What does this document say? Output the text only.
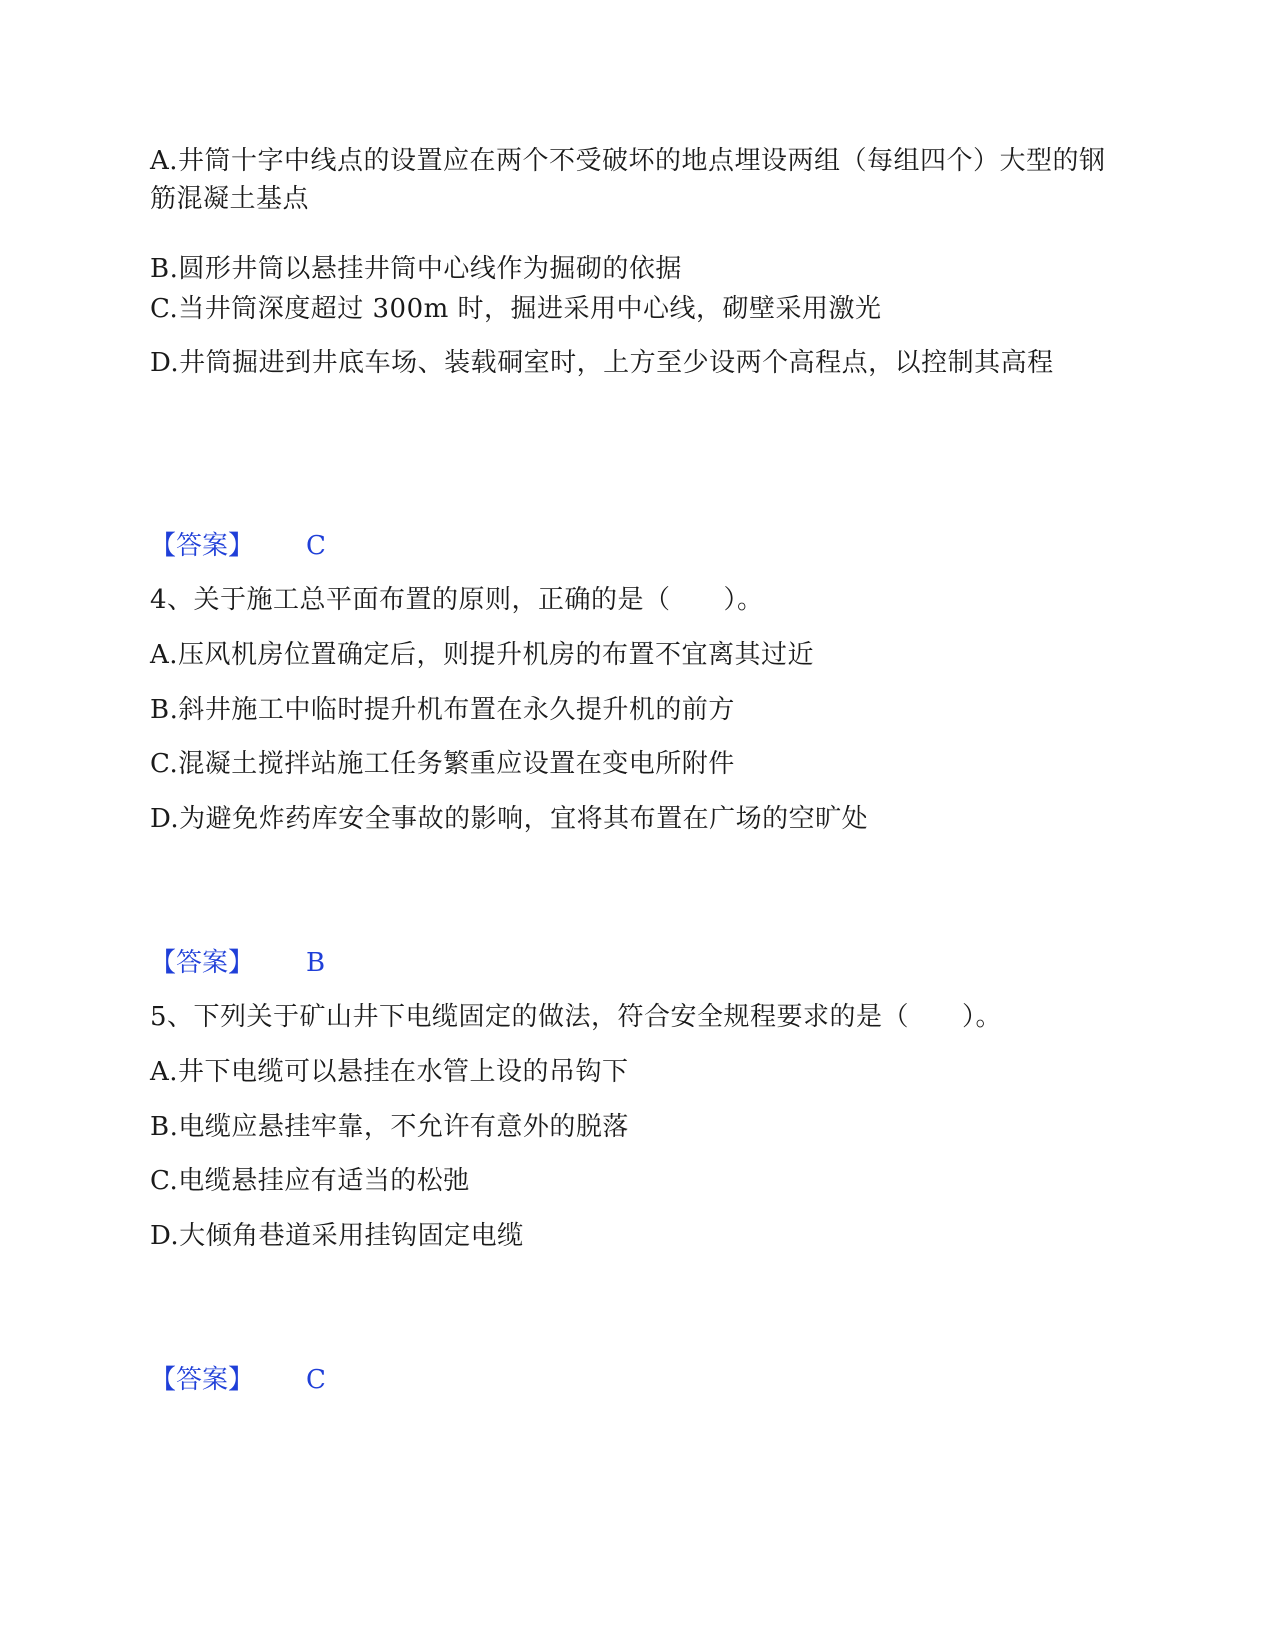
A.井筒十字中线点的设置应在两个不受破坏的地点埋设两组（每组四个）大型的钢筋混凝土基点
B.圆形井筒以悬挂井筒中心线作为掘砌的依据
C.当井筒深度超过 300m 时，掘进采用中心线，砌壁采用激光
D.井筒掘进到井底车场、装载硐室时，上方至少设两个高程点，以控制其高程
【答案】 C
4、关于施工总平面布置的原则，正确的是（　　）。
A.压风机房位置确定后，则提升机房的布置不宜离其过近
B.斜井施工中临时提升机布置在永久提升机的前方
C.混凝土搅拌站施工任务繁重应设置在变电所附件
D.为避免炸药库安全事故的影响，宜将其布置在广场的空旷处
【答案】 B
5、下列关于矿山井下电缆固定的做法，符合安全规程要求的是（　　）。
A.井下电缆可以悬挂在水管上设的吊钩下
B.电缆应悬挂牢靠，不允许有意外的脱落
C.电缆悬挂应有适当的松弛
D.大倾角巷道采用挂钩固定电缆
【答案】 C
